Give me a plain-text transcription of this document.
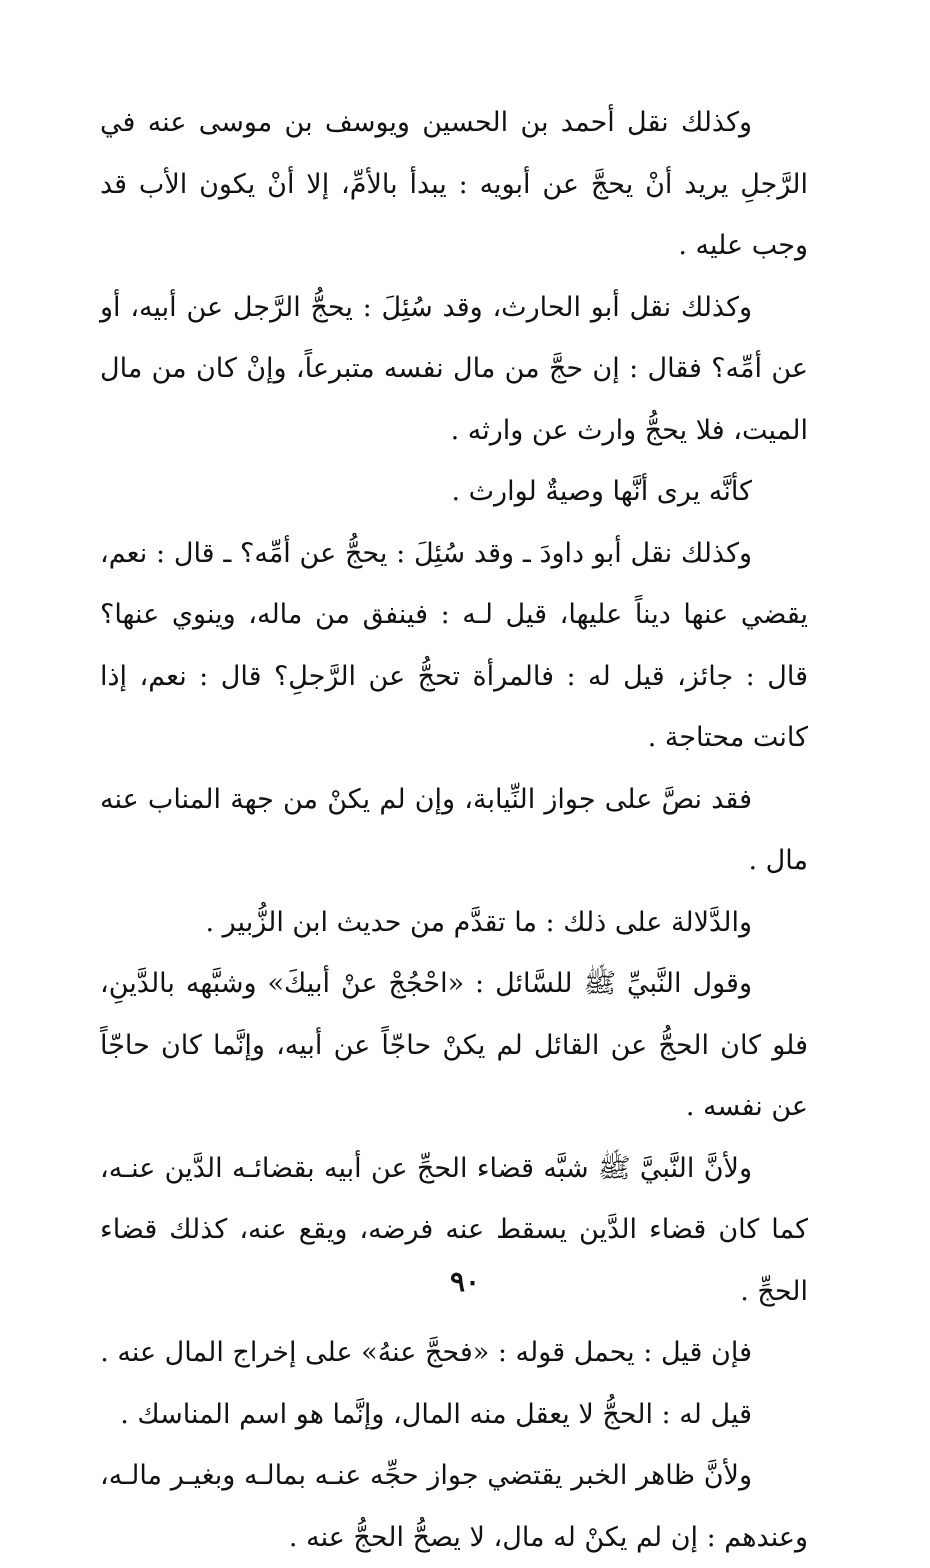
وكذلك نقل أحمد بن الحسين ويوسف بن موسى عنه في الرَّجلِ يريد أنْ يحجَّ عن أبويه : يبدأ بالأمِّ، إلا أنْ يكون الأب قد وجب عليه .
وكذلك نقل أبو الحارث، وقد سُئِلَ : يحجُّ الرَّجل عن أبيه، أو عن أمِّه؟ فقال : إن حجَّ من مال نفسه متبرعاً، وإنْ كان من مال الميت، فلا يحجُّ وارث عن وارثه .
كأنَّه يرى أنَّها وصيةٌ لوارث .
وكذلك نقل أبو داودَ ـ وقد سُئِلَ : يحجُّ عن أمِّه؟ ـ قال : نعم، يقضي عنها ديناً عليها، قيل لـه : فينفق من ماله، وينوي عنها؟ قال : جائز، قيل له : فالمرأة تحجُّ عن الرَّجلِ؟ قال : نعم، إذا كانت محتاجة .
فقد نصَّ على جواز النِّيابة، وإن لم يكنْ من جهة المناب عنه مال .
والدَّلالة على ذلك : ما تقدَّم من حديث ابن الزُّبير .
وقول النَّبيِّ ﷺ للسَّائل : «احْجُجْ عنْ أبيكَ» وشبَّهه بالدَّينِ، فلو كان الحجُّ عن القائل لم يكنْ حاجّاً عن أبيه، وإنَّما كان حاجّاً عن نفسه .
ولأنَّ النَّبيَّ ﷺ شبَّه قضاء الحجِّ عن أبيه بقضائـه الدَّين عنـه، كما كان قضاء الدَّين يسقط عنه فرضه، ويقع عنه، كذلك قضاء الحجِّ .
فإن قيل : يحمل قوله : «فحجَّ عنهُ» على إخراج المال عنه .
قيل له : الحجُّ لا يعقل منه المال، وإنَّما هو اسم المناسك .
ولأنَّ ظاهر الخبر يقتضي جواز حجِّه عنـه بمالـه وبغيـر مالـه، وعندهم : إن لم يكنْ له مال، لا يصحُّ الحجُّ عنه .
٩٠
